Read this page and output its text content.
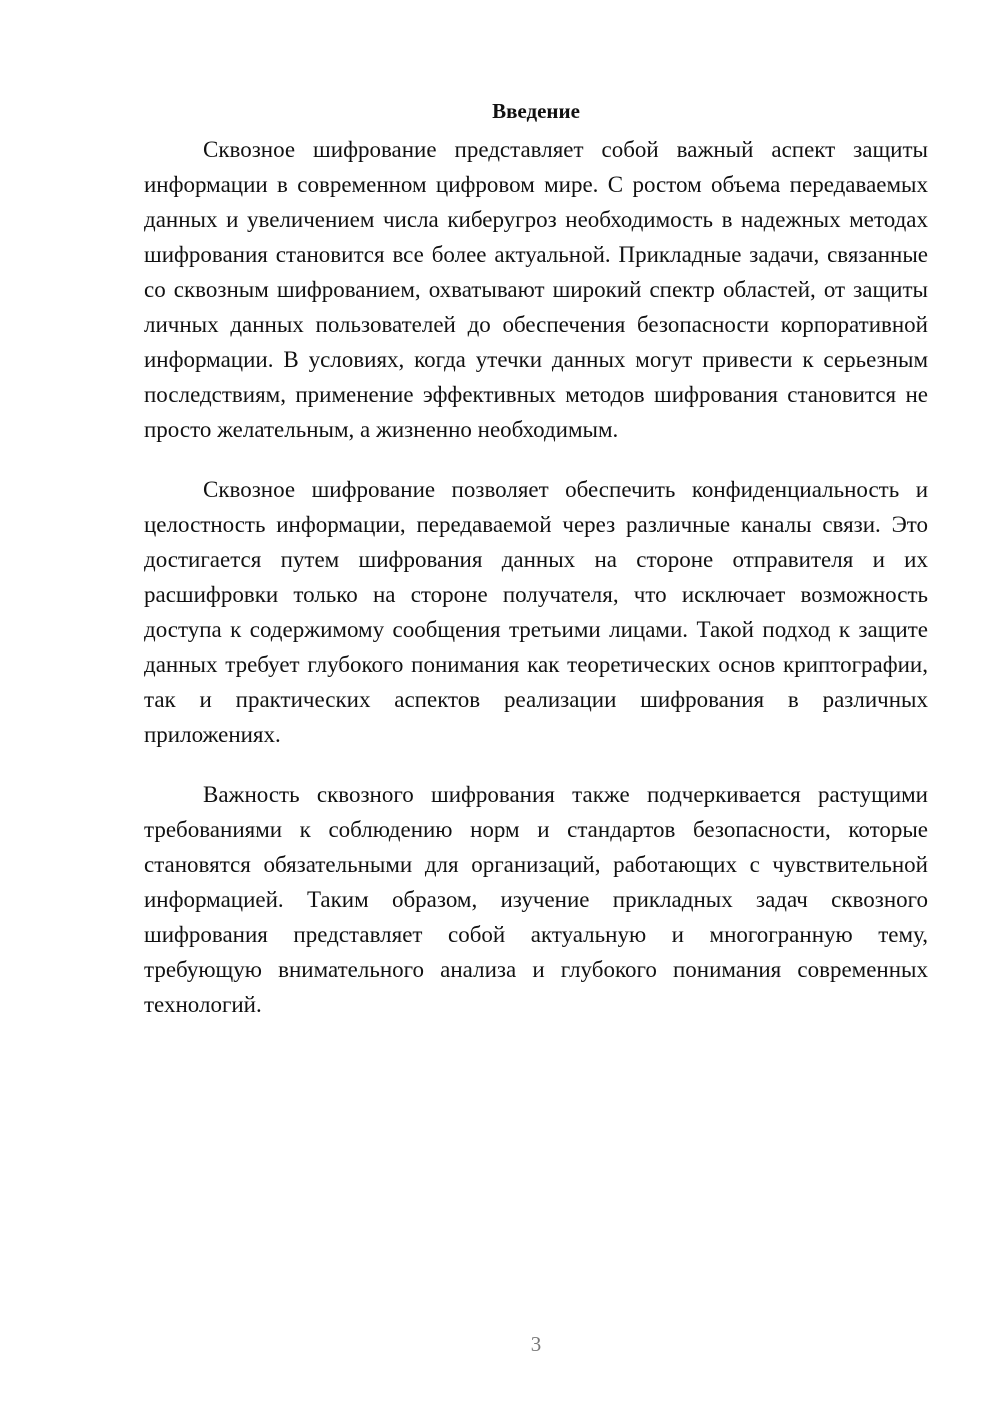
Введение

Сквозное шифрование представляет собой важный аспект защиты информации в современном цифровом мире. С ростом объема передаваемых данных и увеличением числа киберугроз необходимость в надежных методах шифрования становится все более актуальной. Прикладные задачи, связанные со сквозным шифрованием, охватывают широкий спектр областей, от защиты личных данных пользователей до обеспечения безопасности корпоративной информации. В условиях, когда утечки данных могут привести к серьезным последствиям, применение эффективных методов шифрования становится не просто желательным, а жизненно необходимым.

Сквозное шифрование позволяет обеспечить конфиденциальность и целостность информации, передаваемой через различные каналы связи. Это достигается путем шифрования данных на стороне отправителя и их расшифровки только на стороне получателя, что исключает возможность доступа к содержимому сообщения третьими лицами. Такой подход к защите данных требует глубокого понимания как теоретических основ криптографии, так и практических аспектов реализации шифрования в различных приложениях.

Важность сквозного шифрования также подчеркивается растущими требованиями к соблюдению норм и стандартов безопасности, которые становятся обязательными для организаций, работающих с чувствительной информацией. Таким образом, изучение прикладных задач сквозного шифрования представляет собой актуальную и многогранную тему, требующую внимательного анализа и глубокого понимания современных технологий.

3
